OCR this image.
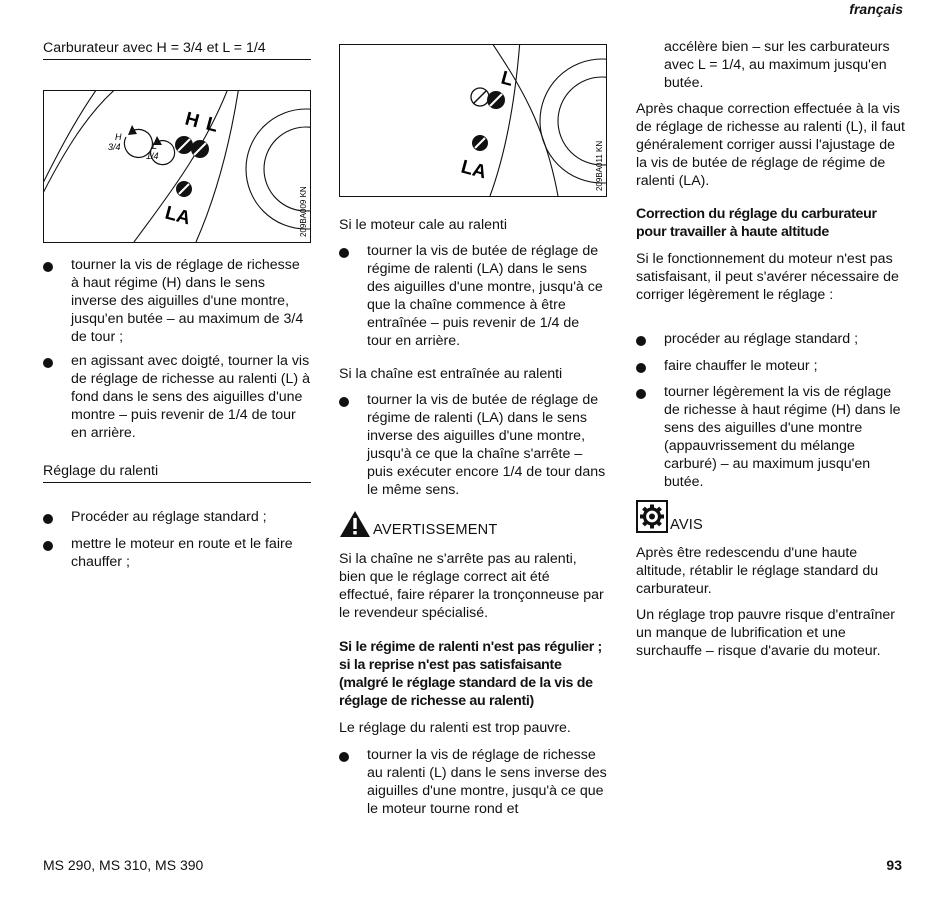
français
Carburateur avec H = 3/4 et L = 1/4
H
3/4	L
1/4
H L
LA	209BA009 KN
tourner la vis de réglage de richesse à haut régime (H) dans le sens inverse des aiguilles d'une montre, jusqu'en butée – au maximum de 3/4 de tour ;
en agissant avec doigté, tourner la vis de réglage de richesse au ralenti (L) à fond dans le sens des aiguilles d'une montre – puis revenir de 1/4 de tour en arrière.
Réglage du ralenti
Procéder au réglage standard ;
mettre le moteur en route et le faire chauffer ;
L
LA	209BA011 KN
Si le moteur cale au ralenti
tourner la vis de butée de réglage de régime de ralenti (LA) dans le sens des aiguilles d'une montre, jusqu'à ce que la chaîne commence à être entraînée – puis revenir de 1/4 de tour en arrière.
Si la chaîne est entraînée au ralenti
tourner la vis de butée de réglage de régime de ralenti (LA) dans le sens inverse des aiguilles d'une montre, jusqu'à ce que la chaîne s'arrête – puis exécuter encore 1/4 de tour dans le même sens.
AVERTISSEMENT
Si la chaîne ne s'arrête pas au ralenti, bien que le réglage correct ait été effectué, faire réparer la tronçonneuse par le revendeur spécialisé.
Si le régime de ralenti n'est pas régulier ; si la reprise n'est pas satisfaisante (malgré le réglage standard de la vis de réglage de richesse au ralenti)
Le réglage du ralenti est trop pauvre.
tourner la vis de réglage de richesse au ralenti (L) dans le sens inverse des aiguilles d'une montre, jusqu'à ce que le moteur tourne rond et
accélère bien – sur les carburateurs avec L = 1/4, au maximum jusqu'en butée.
Après chaque correction effectuée à la vis de réglage de richesse au ralenti (L), il faut généralement corriger aussi l'ajustage de la vis de butée de réglage de régime de ralenti (LA).
Correction du réglage du carburateur pour travailler à haute altitude
Si le fonctionnement du moteur n'est pas satisfaisant, il peut s'avérer nécessaire de corriger légèrement le réglage :
procéder au réglage standard ;
faire chauffer le moteur ;
tourner légèrement la vis de réglage de richesse à haut régime (H) dans le sens des aiguilles d'une montre (appauvrissement du mélange carburé) – au maximum jusqu'en butée.
AVIS
Après être redescendu d'une haute altitude, rétablir le réglage standard du carburateur.
Un réglage trop pauvre risque d'entraîner un manque de lubrification et une surchauffe – risque d'avarie du moteur.
MS 290, MS 310, MS 390	93
